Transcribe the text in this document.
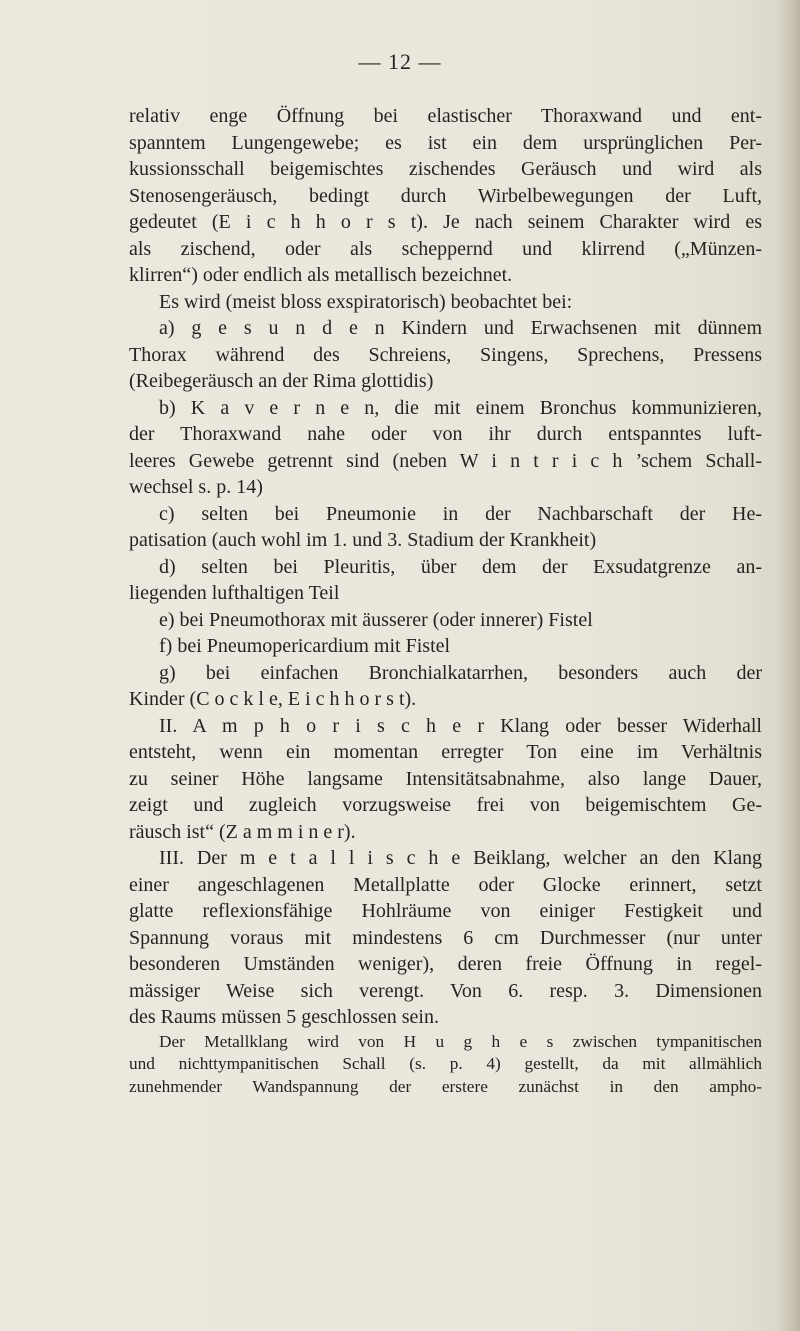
— 12 —
relativ enge Öffnung bei elastischer Thoraxwand und ent-
spanntem Lungengewebe; es ist ein dem ursprünglichen Per-
kussionsschall beigemischtes zischendes Geräusch und wird als
Stenosengeräusch, bedingt durch Wirbelbewegungen der Luft,
gedeutet (E i c h h o r s t). Je nach seinem Charakter wird es
als zischend, oder als scheppernd und klirrend („Münzen-
klirren“) oder endlich als metallisch bezeichnet.
Es wird (meist bloss exspiratorisch) beobachtet bei:
a) g e s u n d e n Kindern und Erwachsenen mit dünnem
Thorax während des Schreiens, Singens, Sprechens, Pressens
(Reibegeräusch an der Rima glottidis)
b) K a v e r n e n, die mit einem Bronchus kommunizieren,
der Thoraxwand nahe oder von ihr durch entspanntes luft-
leeres Gewebe getrennt sind (neben W i n t r i c h ’schem Schall-
wechsel s. p. 14)
c) selten bei Pneumonie in der Nachbarschaft der He-
patisation (auch wohl im 1. und 3. Stadium der Krankheit)
d) selten bei Pleuritis, über dem der Exsudatgrenze an-
liegenden lufthaltigen Teil
e) bei Pneumothorax mit äusserer (oder innerer) Fistel
f) bei Pneumopericardium mit Fistel
g) bei einfachen Bronchialkatarrhen, besonders auch der
Kinder (C o c k l e, E i c h h o r s t).
II. A m p h o r i s c h e r Klang oder besser Widerhall
entsteht, wenn ein momentan erregter Ton eine im Verhältnis
zu seiner Höhe langsame Intensitätsabnahme, also lange Dauer,
zeigt und zugleich vorzugsweise frei von beigemischtem Ge-
räusch ist“ (Z a m m i n e r).
III. Der m e t a l l i s c h e Beiklang, welcher an den Klang
einer angeschlagenen Metallplatte oder Glocke erinnert, setzt
glatte reflexionsfähige Hohlräume von einiger Festigkeit und
Spannung voraus mit mindestens 6 cm Durchmesser (nur unter
besonderen Umständen weniger), deren freie Öffnung in regel-
mässiger Weise sich verengt. Von 6. resp. 3. Dimensionen
des Raums müssen 5 geschlossen sein.
Der Metallklang wird von H u g h e s zwischen tympanitischen
und nichttympanitischen Schall (s. p. 4) gestellt, da mit allmählich
zunehmender Wandspannung der erstere zunächst in den ampho-
